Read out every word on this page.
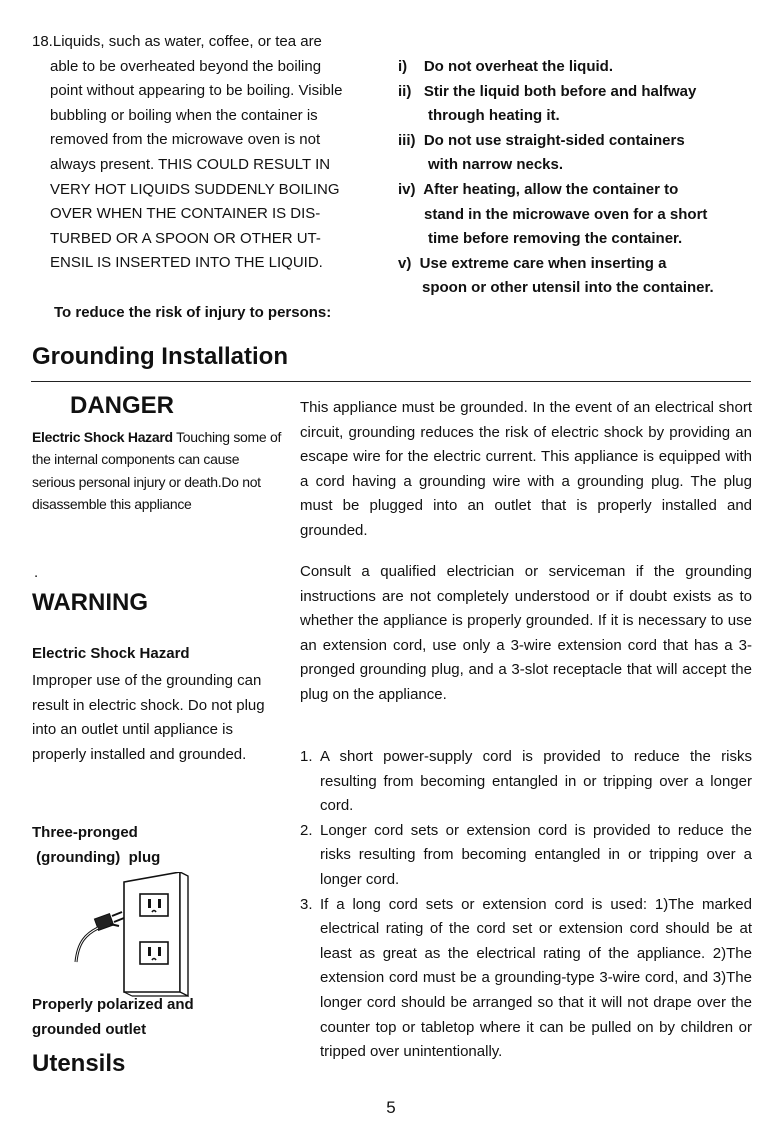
18.Liquids, such as water, coffee, or tea are
able to be overheated beyond the boiling
point without appearing to be boiling. Visible
bubbling or boiling when the container is
removed from the microwave oven is not
always present. THIS COULD RESULT IN
VERY HOT LIQUIDS SUDDENLY BOILING
OVER WHEN THE CONTAINER IS DIS-
TURBED OR A SPOON OR OTHER UT-
ENSIL IS INSERTED INTO THE LIQUID.
To reduce the risk of injury to persons:
i)    Do not overheat the liquid.
ii)   Stir the liquid both before and halfway
through heating it.
iii)  Do not use straight-sided containers
with narrow necks.
iv)  After heating, allow the container to
stand in the microwave oven for a short
time before removing the container.
v)  Use extreme care when inserting a
spoon or other utensil into the container.
Grounding Installation
DANGER
Electric Shock Hazard Touching some of the internal components can cause serious personal injury or death.Do not disassemble this appliance
.
WARNING
Electric Shock Hazard
Improper use of the grounding can result in electric shock. Do not plug into an outlet until appliance is properly installed and grounded.
Three-pronged
(grounding)  plug
Properly polarized and
grounded outlet
Utensils
This appliance must be grounded. In the event of an electrical short circuit, grounding reduces the risk of electric shock by providing an escape wire for the electric current. This appliance is equipped with a cord having a grounding wire with a grounding plug. The plug must be plugged into an outlet that is properly installed and grounded.
Consult a qualified electrician or serviceman if the grounding instructions are not completely understood or if doubt exists as to whether the appliance is properly grounded. If it is necessary to use an extension cord, use only a 3-wire extension cord that has a 3-pronged grounding plug, and a 3-slot receptacle that will accept the plug on the appliance.
1. A short power-supply cord is provided to reduce the risks resulting from becoming entangled in or tripping over a longer cord.
2. Longer cord sets or extension cord is provided to reduce the risks resulting from becoming entangled in or tripping over a longer cord.
3. If a long cord sets or extension cord is used: 1)The marked electrical rating of the cord set or extension cord should be at least as great as the electrical rating of the appliance. 2)The extension cord must be a grounding-type 3-wire cord, and 3)The longer cord should be arranged so that it will not drape over the counter top or tabletop where it can be pulled on by children or tripped over unintentionally.
5
